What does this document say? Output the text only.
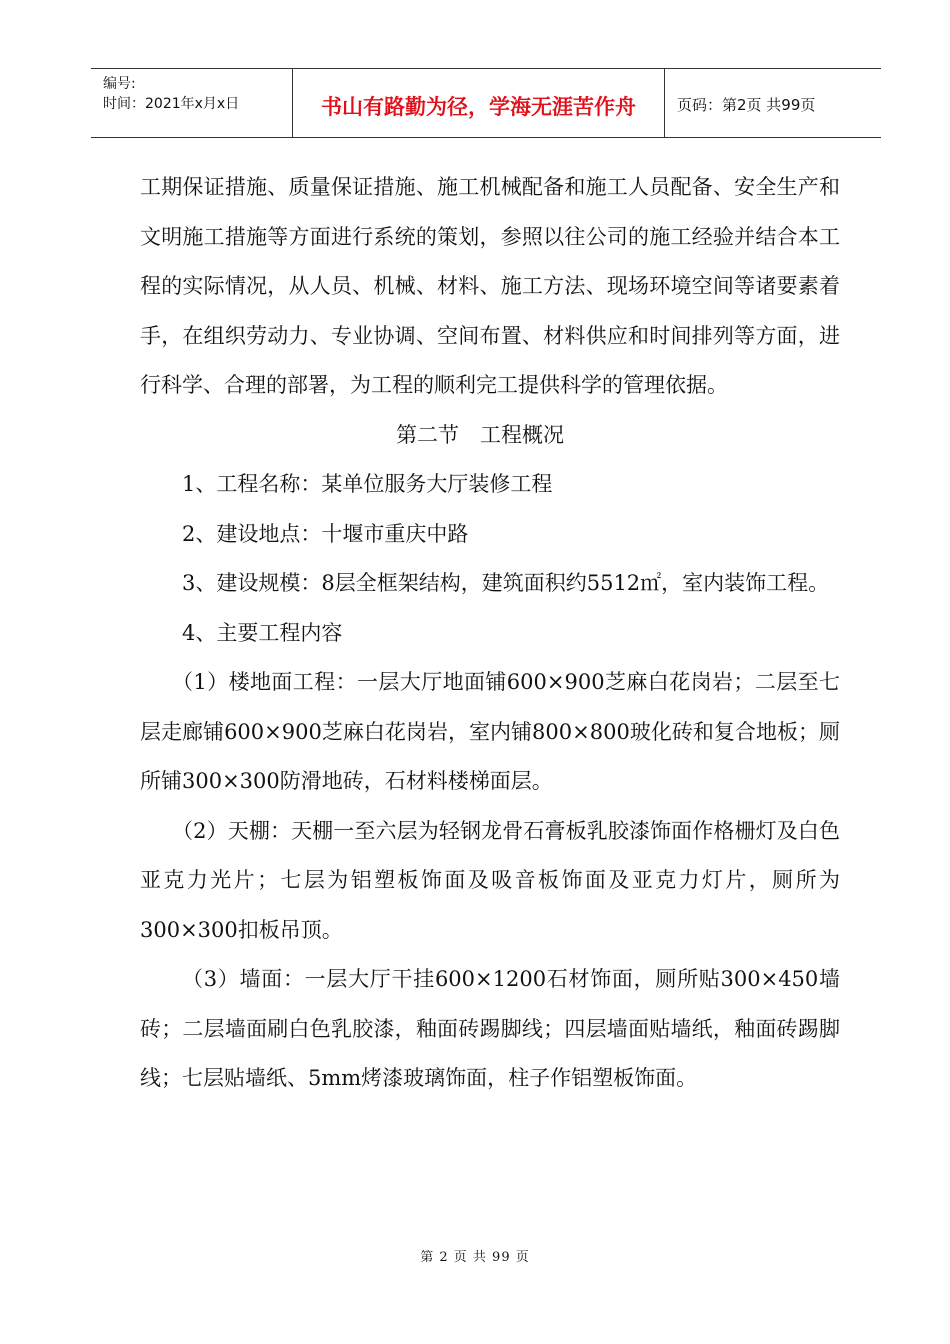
编号:
时间：2021年x月x日	书山有路勤为径，学海无涯苦作舟	页码：第2页 共99页

工期保证措施、质量保证措施、施工机械配备和施工人员配备、安全生产和文明施工措施等方面进行系统的策划，参照以往公司的施工经验并结合本工程的实际情况，从人员、机械、材料、施工方法、现场环境空间等诸要素着手，在组织劳动力、专业协调、空间布置、材料供应和时间排列等方面，进行科学、合理的部署，为工程的顺利完工提供科学的管理依据。

第二节　工程概况

1、工程名称：某单位服务大厅装修工程

2、建设地点：十堰市重庆中路

3、建设规模：8层全框架结构，建筑面积约5512㎡，室内装饰工程。

4、主要工程内容

（1）楼地面工程：一层大厅地面铺600×900芝麻白花岗岩；二层至七层走廊铺600×900芝麻白花岗岩，室内铺800×800玻化砖和复合地板；厕所铺300×300防滑地砖，石材料楼梯面层。

（2）天棚：天棚一至六层为轻钢龙骨石膏板乳胶漆饰面作格栅灯及白色亚克力光片；七层为铝塑板饰面及吸音板饰面及亚克力灯片，厕所为300×300扣板吊顶。

（3）墙面：一层大厅干挂600×1200石材饰面，厕所贴300×450墙砖；二层墙面刷白色乳胶漆，釉面砖踢脚线；四层墙面贴墙纸，釉面砖踢脚线；七层贴墙纸、5mm烤漆玻璃饰面，柱子作铝塑板饰面。

第 2 页 共 99 页
